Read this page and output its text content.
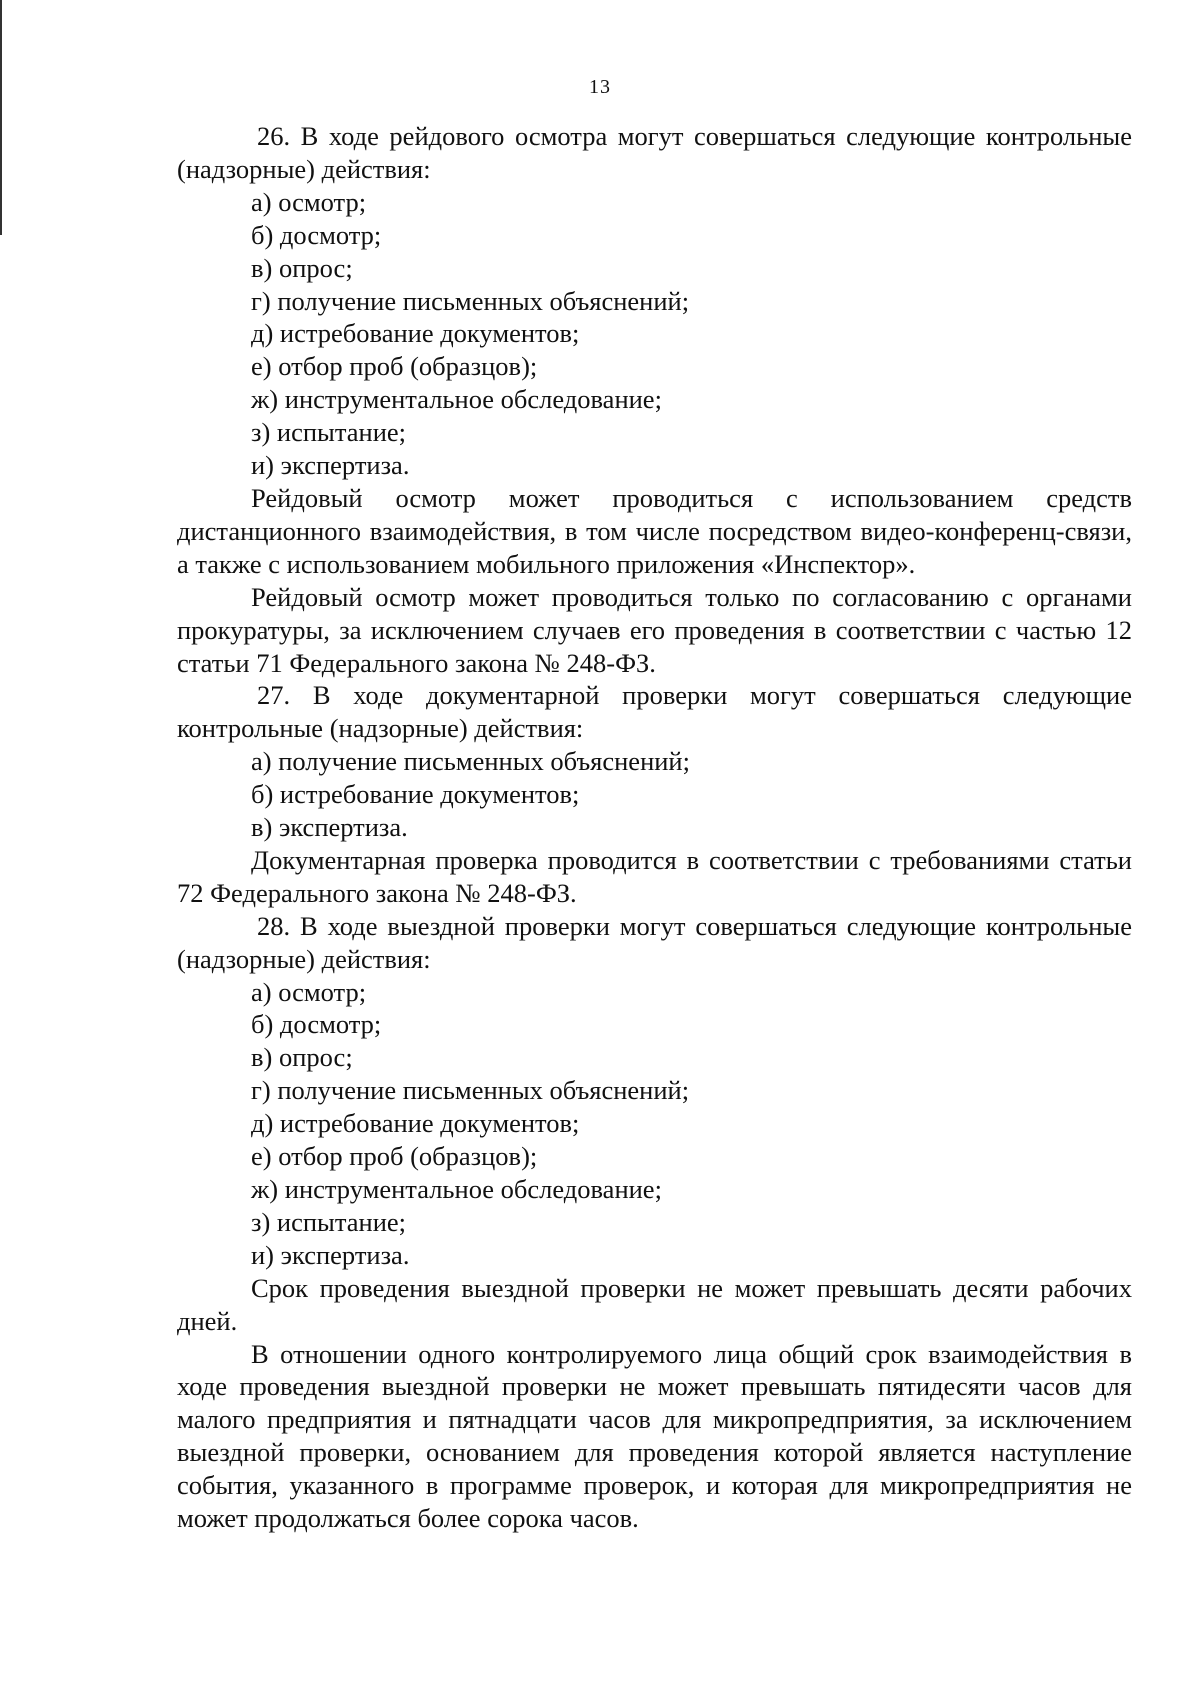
13

26. В ходе рейдового осмотра могут совершаться следующие контрольные (надзорные) действия:

а) осмотр;

б) досмотр;

в) опрос;

г) получение письменных объяснений;

д) истребование документов;

е) отбор проб (образцов);

ж) инструментальное обследование;

з) испытание;

и) экспертиза.

Рейдовый осмотр может проводиться с использованием средств дистанционного взаимодействия, в том числе посредством видео-конференц-связи, а также с использованием мобильного приложения «Инспектор».

Рейдовый осмотр может проводиться только по согласованию с органами прокуратуры, за исключением случаев его проведения в соответствии с частью 12 статьи 71 Федерального закона № 248-ФЗ.

27. В ходе документарной проверки могут совершаться следующие контрольные (надзорные) действия:

а) получение письменных объяснений;

б) истребование документов;

в) экспертиза.

Документарная проверка проводится в соответствии с требованиями статьи 72 Федерального закона № 248-ФЗ.

28. В ходе выездной проверки могут совершаться следующие контрольные (надзорные) действия:

а) осмотр;

б) досмотр;

в) опрос;

г) получение письменных объяснений;

д) истребование документов;

е) отбор проб (образцов);

ж) инструментальное обследование;

з) испытание;

и) экспертиза.

Срок проведения выездной проверки не может превышать десяти рабочих дней.

В отношении одного контролируемого лица общий срок взаимодействия в ходе проведения выездной проверки не может превышать пятидесяти часов для малого предприятия и пятнадцати часов для микропредприятия, за исключением выездной проверки, основанием для проведения которой является наступление события, указанного в программе проверок, и которая для микропредприятия не может продолжаться более сорока часов.
